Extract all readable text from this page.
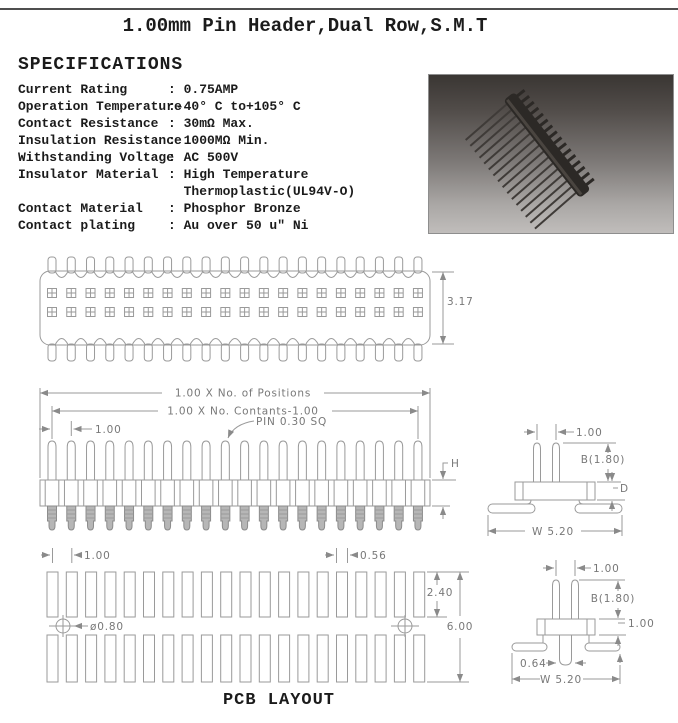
1.00mm Pin Header,Dual Row,S.M.T
SPECIFICATIONS
Current Rating	: 0.75AMP
Operation Temperature
:-40° C to+105° C
Contact Resistance : 30mΩ Max.
Insulation Resistance
: 1000MΩ Min.
Withstanding Voltage
: AC 500V
Insulator Material : High Temperature
Thermoplastic(UL94V-O)
Contact Material	: Phosphor Bronze
Contact plating	: Au over 50 u" Ni
3.17
1.00 X No. of Positions
1.00 X No. Contants-1.00
1.00
PIN 0.30 SQ
H
1.00
B(1.80)
D
W 5.20
ø0.80
1.00	0.56
2.40
6.00
1.00
B(1.80)
1.00
0.64
W 5.20
PCB LAYOUT
